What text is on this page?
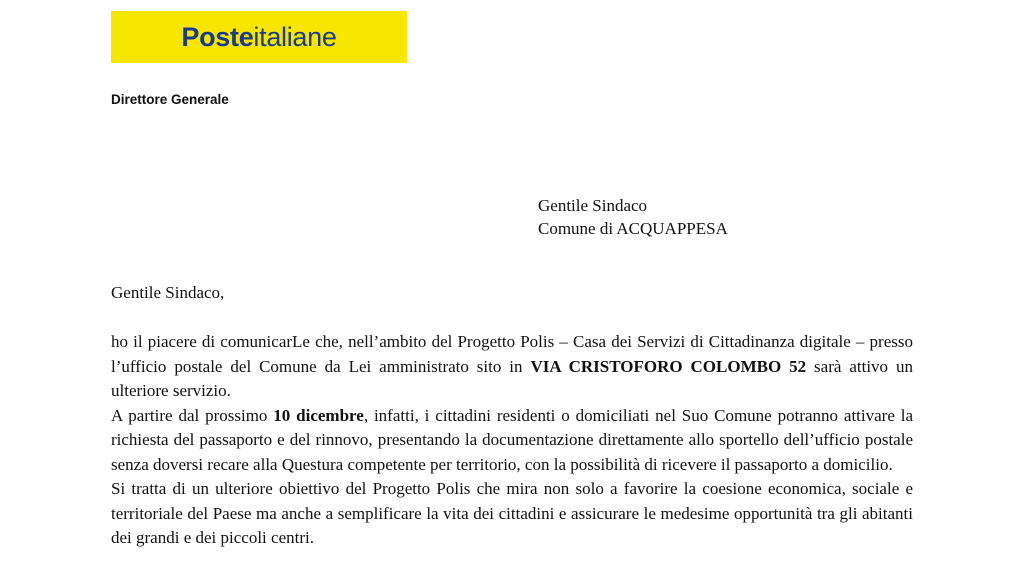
Posteitaliane
Direttore Generale
Gentile Sindaco
Comune di ACQUAPPESA
Gentile Sindaco,

ho il piacere di comunicarLe che, nell’ambito del Progetto Polis – Casa dei Servizi di Cittadinanza digitale – presso l’ufficio postale del Comune da Lei amministrato sito in VIA CRISTOFORO COLOMBO 52 sarà attivo un ulteriore servizio.

A partire dal prossimo 10 dicembre, infatti, i cittadini residenti o domiciliati nel Suo Comune potranno attivare la richiesta del passaporto e del rinnovo, presentando la documentazione direttamente allo sportello dell’ufficio postale senza doversi recare alla Questura competente per territorio, con la possibilità di ricevere il passaporto a domicilio.

Si tratta di un ulteriore obiettivo del Progetto Polis che mira non solo a favorire la coesione economica, sociale e territoriale del Paese ma anche a semplificare la vita dei cittadini e assicurare le medesime opportunità tra gli abitanti dei grandi e dei piccoli centri.
